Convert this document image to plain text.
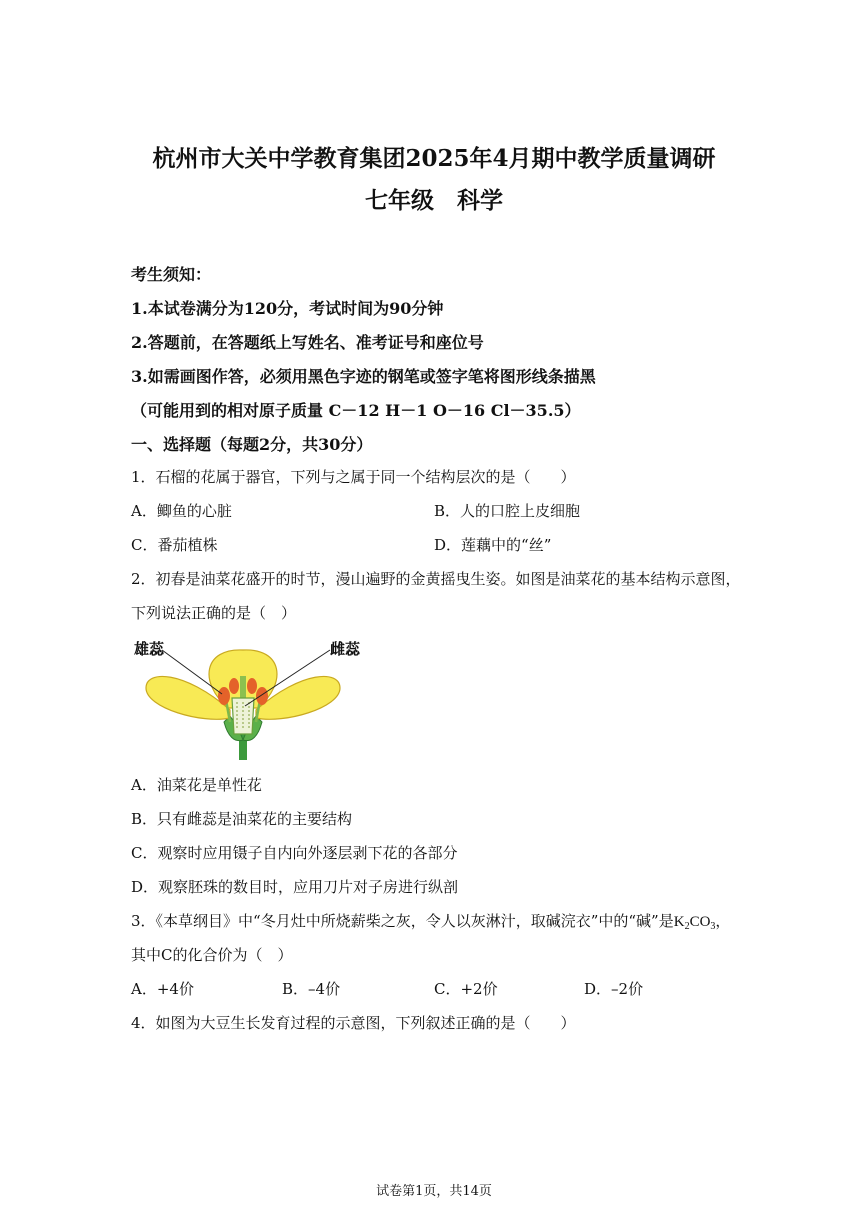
杭州市大关中学教育集团2025年4月期中教学质量调研
七年级　科学
考生须知：
1.本试卷满分为120分，考试时间为90分钟
2.答题前，在答题纸上写姓名、准考证号和座位号
3.如需画图作答，必须用黑色字迹的钢笔或签字笔将图形线条描黑
（可能用到的相对原子质量 C－12 H－1 O－16 Cl－35.5）
一、选择题（每题2分，共30分）
1．石榴的花属于器官，下列与之属于同一个结构层次的是（　　）
A．鲫鱼的心脏	B．人的口腔上皮细胞
C．番茄植株	D．莲藕中的“丝”
2．初春是油菜花盛开的时节，漫山遍野的金黄摇曳生姿。如图是油菜花的基本结构示意图，
下列说法正确的是（　）
雄蕊	雌蕊
A．油菜花是单性花
B．只有雌蕊是油菜花的主要结构
C．观察时应用镊子自内向外逐层剥下花的各部分
D．观察胚珠的数目时，应用刀片对子房进行纵剖
3．《本草纲目》中“冬月灶中所烧薪柴之灰，令人以灰淋汁，取碱浣衣”中的“碱”是$K_2CO_3$，
其中C的化合价为（　）
A．+4价	B．–4价	C．+2价	D．–2价
4．如图为大豆生长发育过程的示意图，下列叙述正确的是（　　）
试卷第1页，共14页
